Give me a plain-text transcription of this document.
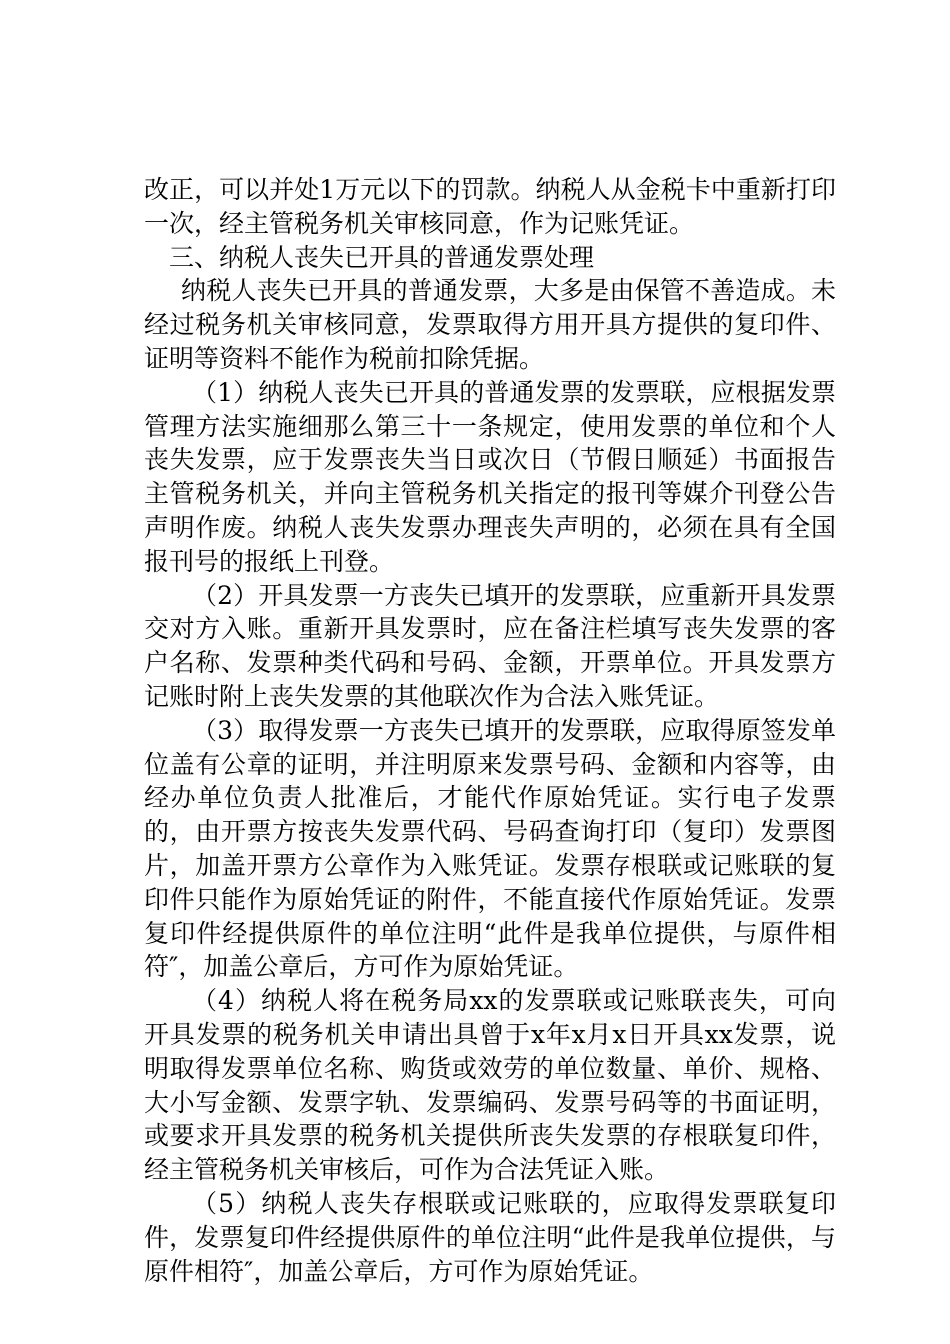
改正，可以并处1万元以下的罚款。纳税人从金税卡中重新打印一次，经主管税务机关审核同意，作为记账凭证。

三、纳税人丧失已开具的普通发票处理

纳税人丧失已开具的普通发票，大多是由保管不善造成。未经过税务机关审核同意，发票取得方用开具方提供的复印件、证明等资料不能作为税前扣除凭据。

（1）纳税人丧失已开具的普通发票的发票联，应根据发票管理方法实施细那么第三十一条规定，使用发票的单位和个人丧失发票，应于发票丧失当日或次日（节假日顺延）书面报告主管税务机关，并向主管税务机关指定的报刊等媒介刊登公告声明作废。纳税人丧失发票办理丧失声明的，必须在具有全国报刊号的报纸上刊登。

（2）开具发票一方丧失已填开的发票联，应重新开具发票交对方入账。重新开具发票时，应在备注栏填写丧失发票的客户名称、发票种类代码和号码、金额，开票单位。开具发票方记账时附上丧失发票的其他联次作为合法入账凭证。

（3）取得发票一方丧失已填开的发票联，应取得原签发单位盖有公章的证明，并注明原来发票号码、金额和内容等，由经办单位负责人批准后，才能代作原始凭证。实行电子发票的，由开票方按丧失发票代码、号码查询打印（复印）发票图片，加盖开票方公章作为入账凭证。发票存根联或记账联的复印件只能作为原始凭证的附件，不能直接代作原始凭证。发票复印件经提供原件的单位注明“此件是我单位提供，与原件相符″，加盖公章后，方可作为原始凭证。

（4）纳税人将在税务局xx的发票联或记账联丧失，可向开具发票的税务机关申请出具曾于x年x月x日开具xx发票，说明取得发票单位名称、购货或效劳的单位数量、单价、规格、大小写金额、发票字轨、发票编码、发票号码等的书面证明，或要求开具发票的税务机关提供所丧失发票的存根联复印件，经主管税务机关审核后，可作为合法凭证入账。

（5）纳税人丧失存根联或记账联的，应取得发票联复印件，发票复印件经提供原件的单位注明“此件是我单位提供，与原件相符″，加盖公章后，方可作为原始凭证。
